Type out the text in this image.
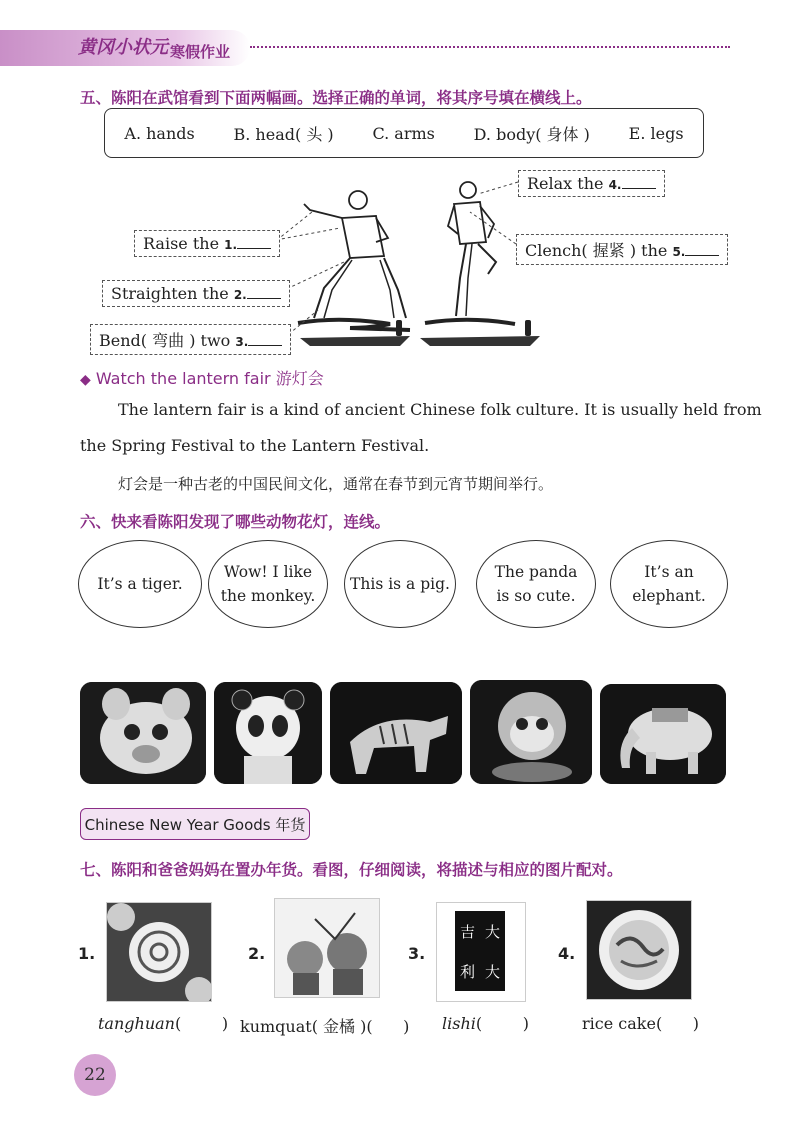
黄冈小状元 寒假作业
五、陈阳在武馆看到下面两幅画。选择正确的单词，将其序号填在横线上。
A. hands B. head( 头 ) C. arms D. body( 身体 ) E. legs
Raise the 1.
Straighten the 2.
Bend( 弯曲 ) two 3.
Relax the 4.
Clench( 握紧 ) the 5.
◆ Watch the lantern fair 游灯会
The lantern fair is a kind of ancient Chinese folk culture. It is usually held from
the Spring Festival to the Lantern Festival.
灯会是一种古老的中国民间文化，通常在春节到元宵节期间举行。
六、快来看陈阳发现了哪些动物花灯，连线。
It’s a tiger.
Wow! I like
the monkey.
This is a pig.
The panda
is so cute.
It’s an
elephant.
Chinese New Year Goods 年货
七、陈阳和爸爸妈妈在置办年货。看图，仔细阅读，将描述与相应的图片配对。
1.	2.	3.
吉 大
利 大
4.
tanghuan(        ) kumquat( 金橘 )(      ) lishi(        )	rice cake(      )
22
